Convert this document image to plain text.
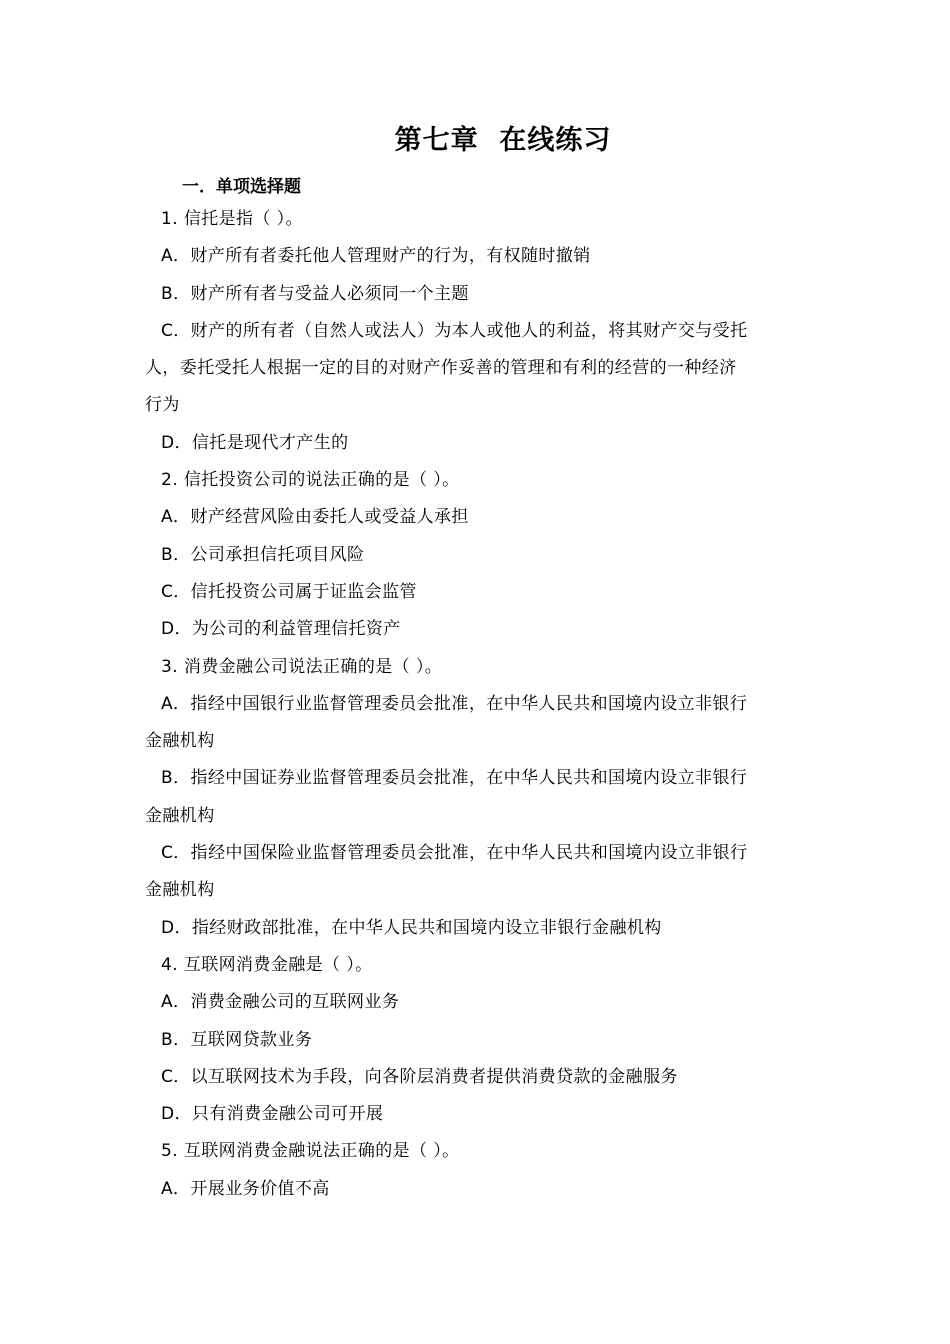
第七章  在线练习
一．单项选择题

1. 信托是指（ ）。

A．财产所有者委托他人管理财产的行为，有权随时撤销

B．财产所有者与受益人必须同一个主题

C．财产的所有者（自然人或法人）为本人或他人的利益，将其财产交与受托

人，委托受托人根据一定的目的对财产作妥善的管理和有利的经营的一种经济

行为

D．信托是现代才产生的

2. 信托投资公司的说法正确的是（ ）。

A．财产经营风险由委托人或受益人承担

B．公司承担信托项目风险

C．信托投资公司属于证监会监管

D．为公司的利益管理信托资产

3. 消费金融公司说法正确的是（ ）。

A．指经中国银行业监督管理委员会批准，在中华人民共和国境内设立非银行

金融机构

B．指经中国证券业监督管理委员会批准，在中华人民共和国境内设立非银行

金融机构

C．指经中国保险业监督管理委员会批准，在中华人民共和国境内设立非银行

金融机构

D．指经财政部批准，在中华人民共和国境内设立非银行金融机构

4. 互联网消费金融是（ ）。

A．消费金融公司的互联网业务

B．互联网贷款业务

C．以互联网技术为手段，向各阶层消费者提供消费贷款的金融服务

D．只有消费金融公司可开展

5. 互联网消费金融说法正确的是（ ）。

A．开展业务价值不高
